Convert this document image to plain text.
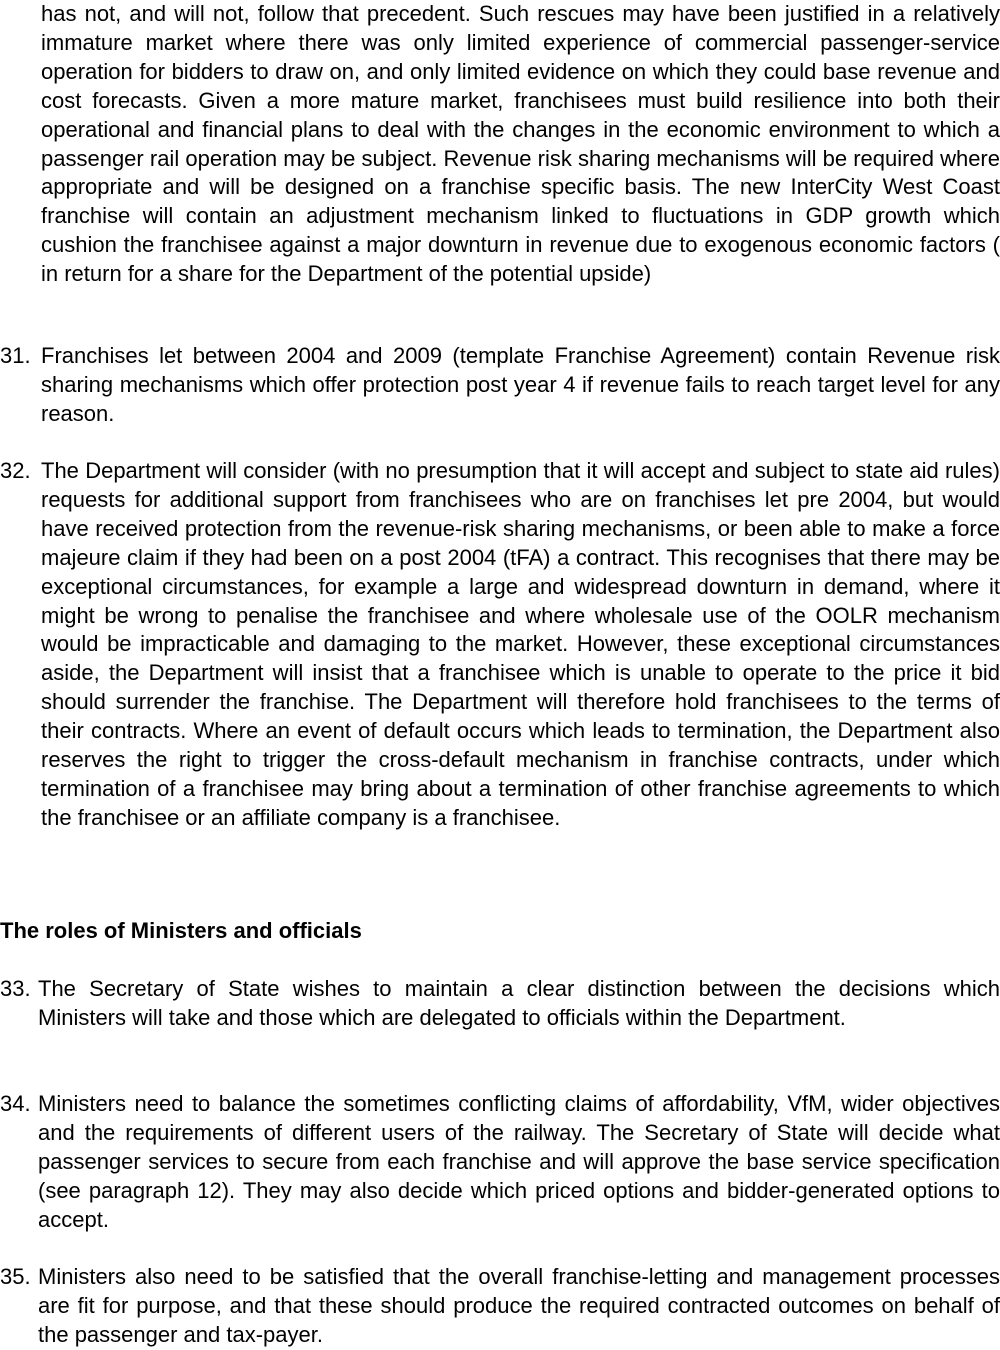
has not, and will not, follow that precedent. Such rescues may have been justified in a relatively immature market where there was only limited experience of commercial passenger-service operation for bidders to draw on, and only limited evidence on which they could base revenue and cost forecasts. Given a more mature market, franchisees must build resilience into both their operational and financial plans to deal with the changes in the economic environment to which a passenger rail operation may be subject. Revenue risk sharing mechanisms will be required where appropriate and will be designed on a franchise specific basis. The new InterCity West Coast franchise will contain an adjustment mechanism linked to fluctuations in GDP growth which cushion the franchisee against a major downturn in revenue due to exogenous economic factors ( in return for a share for the Department of the potential upside)
31. Franchises let between 2004 and 2009 (template Franchise Agreement) contain Revenue risk sharing mechanisms which offer protection post year 4 if revenue fails to reach target level for any reason.
32. The Department will consider (with no presumption that it will accept and subject to state aid rules) requests for additional support from franchisees who are on franchises let pre 2004, but would have received protection from the revenue-risk sharing mechanisms, or been able to make a force majeure claim if they had been on a post 2004 (tFA) a contract. This recognises that there may be exceptional circumstances, for example a large and widespread downturn in demand, where it might be wrong to penalise the franchisee and where wholesale use of the OOLR mechanism would be impracticable and damaging to the market. However, these exceptional circumstances aside, the Department will insist that a franchisee which is unable to operate to the price it bid should surrender the franchise. The Department will therefore hold franchisees to the terms of their contracts. Where an event of default occurs which leads to termination, the Department also reserves the right to trigger the cross-default mechanism in franchise contracts, under which termination of a franchisee may bring about a termination of other franchise agreements to which the franchisee or an affiliate company is a franchisee.
The roles of Ministers and officials
33. The Secretary of State wishes to maintain a clear distinction between the decisions which Ministers will take and those which are delegated to officials within the Department.
34. Ministers need to balance the sometimes conflicting claims of affordability, VfM, wider objectives and the requirements of different users of the railway. The Secretary of State will decide what passenger services to secure from each franchise and will approve the base service specification (see paragraph 12). They may also decide which priced options and bidder-generated options to accept.
35. Ministers also need to be satisfied that the overall franchise-letting and management processes are fit for purpose, and that these should produce the required contracted outcomes on behalf of the passenger and tax-payer.
